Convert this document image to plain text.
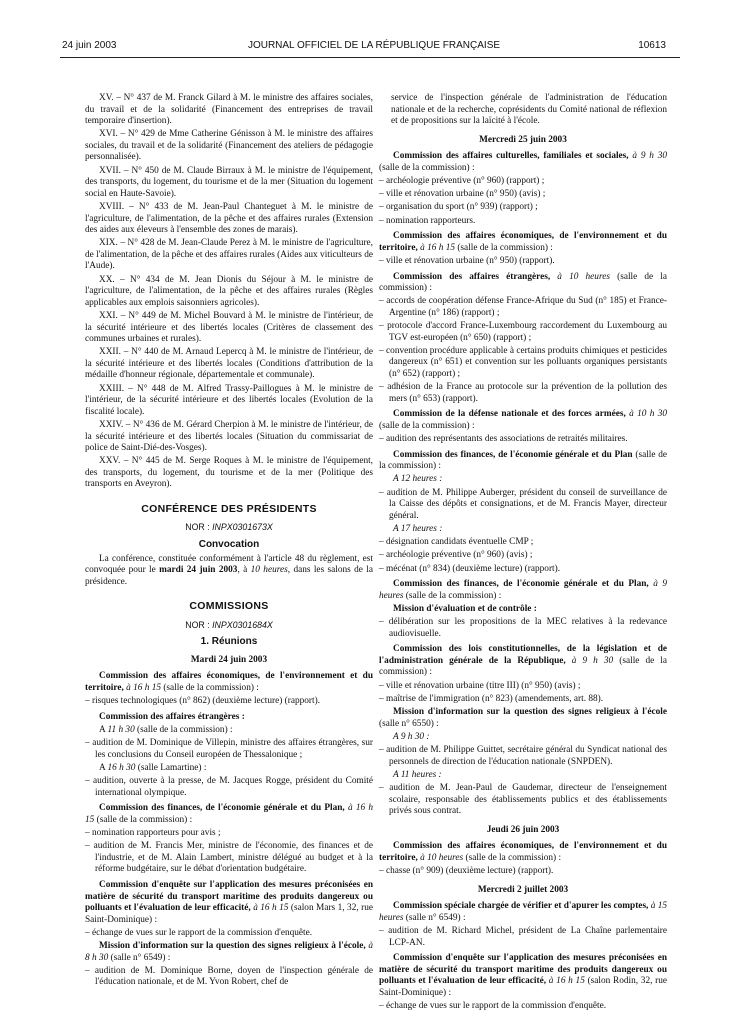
24 juin 2003	JOURNAL OFFICIEL DE LA RÉPUBLIQUE FRANÇAISE	10613

XV. – N° 437 de M. Franck Gilard à M. le ministre des affaires sociales, du travail et de la solidarité (Financement des entreprises de travail temporaire d'insertion).

XVI. – N° 429 de Mme Catherine Génisson à M. le ministre des affaires sociales, du travail et de la solidarité (Financement des ateliers de pédagogie personnalisée).

XVII. – N° 450 de M. Claude Birraux à M. le ministre de l'équipement, des transports, du logement, du tourisme et de la mer (Situation du logement social en Haute-Savoie).

XVIII. – N° 433 de M. Jean-Paul Chanteguet à M. le ministre de l'agriculture, de l'alimentation, de la pêche et des affaires rurales (Extension des aides aux éleveurs à l'ensemble des zones de marais).

XIX. – N° 428 de M. Jean-Claude Perez à M. le ministre de l'agriculture, de l'alimentation, de la pêche et des affaires rurales (Aides aux viticulteurs de l'Aude).

XX. – N° 434 de M. Jean Dionis du Séjour à M. le ministre de l'agriculture, de l'alimentation, de la pêche et des affaires rurales (Règles applicables aux emplois saisonniers agricoles).

XXI. – N° 449 de M. Michel Bouvard à M. le ministre de l'intérieur, de la sécurité intérieure et des libertés locales (Critères de classement des communes urbaines et rurales).

XXII. – N° 440 de M. Arnaud Lepercq à M. le ministre de l'intérieur, de la sécurité intérieure et des libertés locales (Conditions d'attribution de la médaille d'honneur régionale, départementale et communale).

XXIII. – N° 448 de M. Alfred Trassy-Paillogues à M. le ministre de l'intérieur, de la sécurité intérieure et des libertés locales (Evolution de la fiscalité locale).

XXIV. – N° 436 de M. Gérard Cherpion à M. le ministre de l'intérieur, de la sécurité intérieure et des libertés locales (Situation du commissariat de police de Saint-Dié-des-Vosges).

XXV. – N° 445 de M. Serge Roques à M. le ministre de l'équipement, des transports, du logement, du tourisme et de la mer (Politique des transports en Aveyron).

CONFÉRENCE DES PRÉSIDENTS

NOR : INPX0301673X

Convocation

La conférence, constituée conformément à l'article 48 du règlement, est convoquée pour le mardi 24 juin 2003, à 10 heures, dans les salons de la présidence.

COMMISSIONS

NOR : INPX0301684X

1. Réunions

Mardi 24 juin 2003

Commission des affaires économiques, de l'environnement et du territoire, à 16 h 15 (salle de la commission) :

– risques technologiques (n° 862) (deuxième lecture) (rapport).

Commission des affaires étrangères :

A 11 h 30 (salle de la commission) :

– audition de M. Dominique de Villepin, ministre des affaires étrangères, sur les conclusions du Conseil européen de Thessalonique ;

A 16 h 30 (salle Lamartine) :

– audition, ouverte à la presse, de M. Jacques Rogge, président du Comité international olympique.

Commission des finances, de l'économie générale et du Plan, à 16 h 15 (salle de la commission) :

– nomination rapporteurs pour avis ;

– audition de M. Francis Mer, ministre de l'économie, des finances et de l'industrie, et de M. Alain Lambert, ministre délégué au budget et à la réforme budgétaire, sur le débat d'orientation budgétaire.

Commission d'enquête sur l'application des mesures préconisées en matière de sécurité du transport maritime des produits dangereux ou polluants et l'évaluation de leur efficacité, à 16 h 15 (salon Mars 1, 32, rue Saint-Dominique) :

– échange de vues sur le rapport de la commission d'enquête.

Mission d'information sur la question des signes religieux à l'école, à 8 h 30 (salle n° 6549) :

– audition de M. Dominique Borne, doyen de l'inspection générale de l'éducation nationale, et de M. Yvon Robert, chef de

service de l'inspection générale de l'administration de l'éducation nationale et de la recherche, coprésidents du Comité national de réflexion et de propositions sur la laïcité à l'école.

Mercredi 25 juin 2003

Commission des affaires culturelles, familiales et sociales, à 9 h 30 (salle de la commission) :

– archéologie préventive (n° 960) (rapport) ;

– ville et rénovation urbaine (n° 950) (avis) ;

– organisation du sport (n° 939) (rapport) ;

– nomination rapporteurs.

Commission des affaires économiques, de l'environnement et du territoire, à 16 h 15 (salle de la commission) :

– ville et rénovation urbaine (n° 950) (rapport).

Commission des affaires étrangères, à 10 heures (salle de la commission) :

– accords de coopération défense France-Afrique du Sud (n° 185) et France-Argentine (n° 186) (rapport) ;

– protocole d'accord France-Luxembourg raccordement du Luxembourg au TGV est-européen (n° 650) (rapport) ;

– convention procédure applicable à certains produits chimiques et pesticides dangereux (n° 651) et convention sur les polluants organiques persistants (n° 652) (rapport) ;

– adhésion de la France au protocole sur la prévention de la pollution des mers (n° 653) (rapport).

Commission de la défense nationale et des forces armées, à 10 h 30 (salle de la commission) :

– audition des représentants des associations de retraités militaires.

Commission des finances, de l'économie générale et du Plan (salle de la commission) :

A 12 heures :

– audition de M. Philippe Auberger, président du conseil de surveillance de la Caisse des dépôts et consignations, et de M. Francis Mayer, directeur général.

A 17 heures :

– désignation candidats éventuelle CMP ;

– archéologie préventive (n° 960) (avis) ;

– mécénat (n° 834) (deuxième lecture) (rapport).

Commission des finances, de l'économie générale et du Plan, à 9 heures (salle de la commission) :

Mission d'évaluation et de contrôle :

– délibération sur les propositions de la MEC relatives à la redevance audiovisuelle.

Commission des lois constitutionnelles, de la législation et de l'administration générale de la République, à 9 h 30 (salle de la commission) :

– ville et rénovation urbaine (titre III) (n° 950) (avis) ;

– maîtrise de l'immigration (n° 823) (amendements, art. 88).

Mission d'information sur la question des signes religieux à l'école (salle n° 6550) :

A 9 h 30 :

– audition de M. Philippe Guittet, secrétaire général du Syndicat national des personnels de direction de l'éducation nationale (SNPDEN).

A 11 heures :

– audition de M. Jean-Paul de Gaudemar, directeur de l'enseignement scolaire, responsable des établissements publics et des établissements privés sous contrat.

Jeudi 26 juin 2003

Commission des affaires économiques, de l'environnement et du territoire, à 10 heures (salle de la commission) :

– chasse (n° 909) (deuxième lecture) (rapport).

Mercredi 2 juillet 2003

Commission spéciale chargée de vérifier et d'apurer les comptes, à 15 heures (salle n° 6549) :

– audition de M. Richard Michel, président de La Chaîne parlementaire LCP-AN.

Commission d'enquête sur l'application des mesures préconisées en matière de sécurité du transport maritime des produits dangereux ou polluants et l'évaluation de leur efficacité, à 16 h 15 (salon Rodin, 32, rue Saint-Dominique) :

– échange de vues sur le rapport de la commission d'enquête.
